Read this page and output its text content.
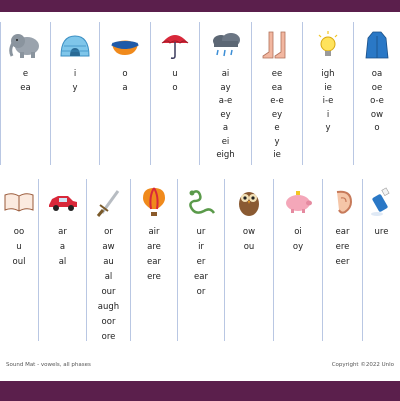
e
ea
i
y
o
a
u
o
ai
ay
a-e
ey
a
ei
eigh
ee
ea
e-e
ey
e
y
ie
igh
ie
i-e
i
y
oa
oe
o-e
ow
o
oo
u
oul
ar
a
al
or
aw
au
al
our
augh
oor
ore
air
are
ear
ere
ur
ir
er
ear
or
ow
ou
oi
oy
ear
ere
eer
ure
Sound Mat - vowels, all phases	Copyright ©2022 Unlo
